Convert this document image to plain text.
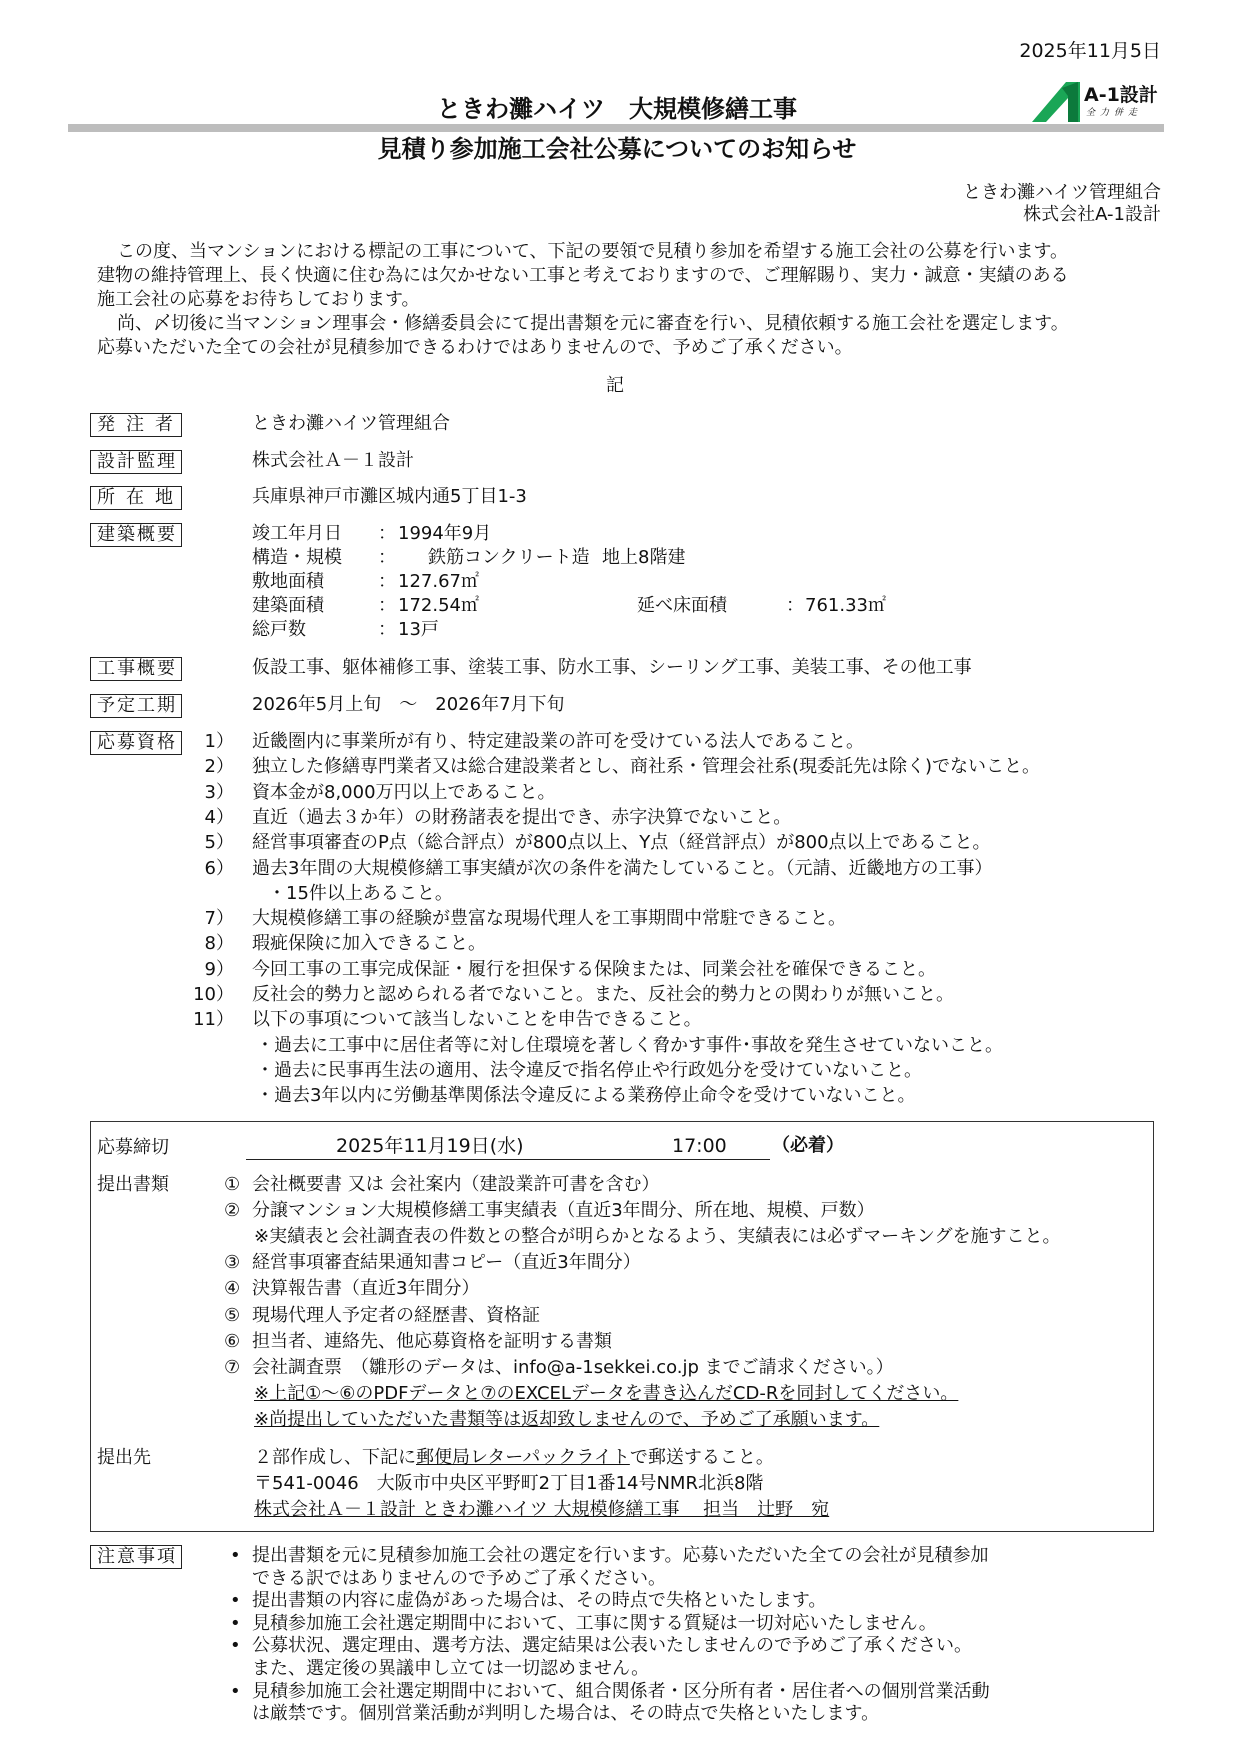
2025年11月5日
ときわ灘ハイツ　大規模修繕工事	A-1設計
全力併走
見積り参加施工会社公募についてのお知らせ
ときわ灘ハイツ管理組合
株式会社A-1設計
この度、当マンションにおける標記の工事について、下記の要領で見積り参加を希望する施工会社の公募を行います。
建物の維持管理上、長く快適に住む為には欠かせない工事と考えておりますので、ご理解賜り、実力・誠意・実績のある
施工会社の応募をお待ちしております。
尚、〆切後に当マンション理事会・修繕委員会にて提出書類を元に審査を行い、見積依頼する施工会社を選定します。
応募いただいた全ての会社が見積参加できるわけではありませんので、予めご了承ください。
記
発注者	ときわ灘ハイツ管理組合
設計監理	株式会社Ａ－１設計
所在地	兵庫県神戸市灘区城内通5丁目1-3
建築概要	竣工年月日 ： 1994年9月
構造・規模 ： 鉄筋コンクリート造 地上8階建
敷地面積	： 127.67㎡
建築面積	： 172.54㎡	延べ床面積	： 761.33㎡
総戸数	： 13戸
工事概要	仮設工事、躯体補修工事、塗装工事、防水工事、シーリング工事、美装工事、その他工事
予定工期	2026年5月上旬　～　2026年7月下旬
応募資格 1） 近畿圏内に事業所が有り、特定建設業の許可を受けている法人であること。
2） 独立した修繕専門業者又は総合建設業者とし、商社系・管理会社系(現委託先は除く)でないこと。
3） 資本金が8,000万円以上であること。
4） 直近（過去３か年）の財務諸表を提出でき、赤字決算でないこと。
5） 経営事項審査のP点（総合評点）が800点以上、Y点（経営評点）が800点以上であること。
6） 過去3年間の大規模修繕工事実績が次の条件を満たしていること。（元請、近畿地方の工事）
・15件以上あること。
7） 大規模修繕工事の経験が豊富な現場代理人を工事期間中常駐できること。
8） 瑕疵保険に加入できること。
9） 今回工事の工事完成保証・履行を担保する保険または、同業会社を確保できること。
10） 反社会的勢力と認められる者でないこと。また、反社会的勢力との関わりが無いこと。
11） 以下の事項について該当しないことを申告できること。
・過去に工事中に居住者等に対し住環境を著しく脅かす事件･事故を発生させていないこと。
・過去に民事再生法の適用、法令違反で指名停止や行政処分を受けていないこと。
・過去3年以内に労働基準関係法令違反による業務停止命令を受けていないこと。
応募締切	2025年11月19日(水)	17:00	（必着）
提出書類	① 会社概要書 又は 会社案内（建設業許可書を含む）
② 分譲マンション大規模修繕工事実績表（直近3年間分、所在地、規模、戸数）
※実績表と会社調査表の件数との整合が明らかとなるよう、実績表には必ずマーキングを施すこと。
③ 経営事項審査結果通知書コピー（直近3年間分）
④ 決算報告書（直近3年間分）
⑤ 現場代理人予定者の経歴書、資格証
⑥ 担当者、連絡先、他応募資格を証明する書類
⑦ 会社調査票　（雛形のデータは、info@a-1sekkei.co.jp までご請求ください。）
※上記①～⑥のPDFデータと⑦のEXCELデータを書き込んだCD-Rを同封してください。
※尚提出していただいた書類等は返却致しませんので、予めご了承願います。
提出先	２部作成し、下記に郵便局レターパックライトで郵送すること。
〒541-0046　大阪市中央区平野町2丁目1番14号NMR北浜8階
株式会社Ａ－１設計 ときわ灘ハイツ 大規模修繕工事　 担当　辻野　宛
注意事項	• 提出書類を元に見積参加施工会社の選定を行います。応募いただいた全ての会社が見積参加
できる訳ではありませんので予めご了承ください。
• 提出書類の内容に虚偽があった場合は、その時点で失格といたします。
• 見積参加施工会社選定期間中において、工事に関する質疑は一切対応いたしません。
• 公募状況、選定理由、選考方法、選定結果は公表いたしませんので予めご了承ください。
また、選定後の異議申し立ては一切認めません。
• 見積参加施工会社選定期間中において、組合関係者・区分所有者・居住者への個別営業活動
は厳禁です。個別営業活動が判明した場合は、その時点で失格といたします。
